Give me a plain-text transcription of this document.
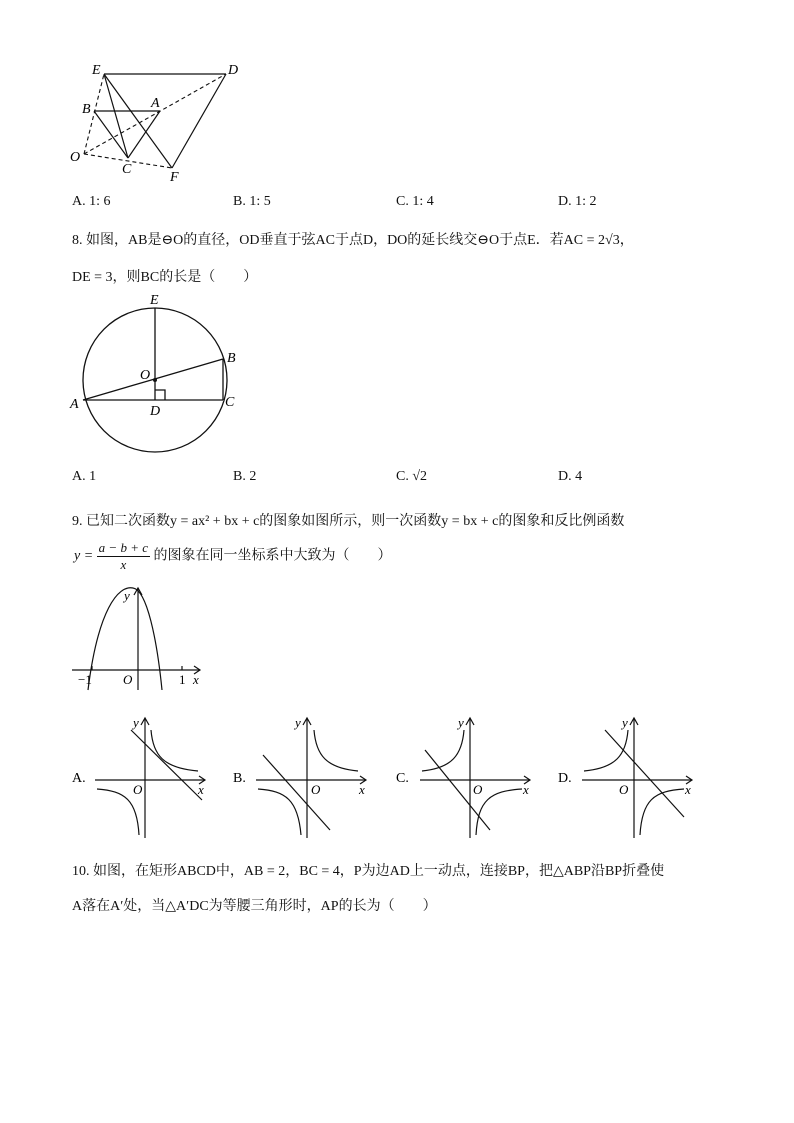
E	D
B	A
O
C
F
A. 1: 6	B. 1: 5	C. 1: 4	D. 1: 2
8. 如图，AB是⊖O的直径，OD垂直于弦AC于点D，DO的延长线交⊖O于点E．若AC = 2√3，
DE = 3，则BC的长是（　　）
E
B
O
A	D
C
A. 1	B. 2	C. √2	D. 4
9. 已知二次函数y = ax² + bx + c的图象如图所示，则一次函数y = bx + c的图象和反比例函数
$y = \frac{a - b + c}{x}$ 的图象在同一坐标系中大致为（　　）
y
x
O
−1	1
A.
y
x
O
B.
y
x
O
C.
y
x
O
D.
y
x
O
10. 如图，在矩形ABCD中，AB = 2，BC = 4，P为边AD上一动点，连接BP，把△ABP沿BP折叠使
A落在A′处，当△A′DC为等腰三角形时，AP的长为（　　）
